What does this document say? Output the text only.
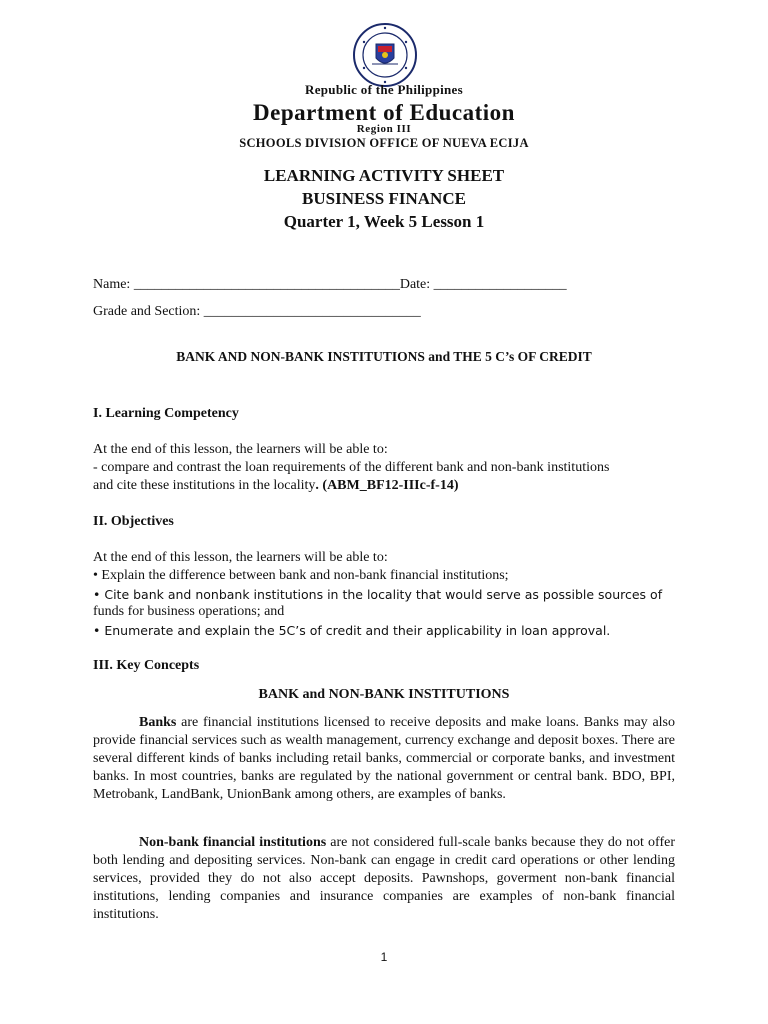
Republic of the Philippines
Department of Education
Region III
SCHOOLS DIVISION OFFICE OF NUEVA ECIJA
LEARNING ACTIVITY SHEET
BUSINESS FINANCE
Quarter 1, Week 5 Lesson 1
Name: ______________________________________Date: ___________________
Grade and Section: _______________________________
BANK AND NON-BANK INSTITUTIONS and THE 5 C’s OF CREDIT
I. Learning Competency
At the end of this lesson, the learners will be able to:
- compare and contrast the loan requirements of the different bank and non-bank institutions
and cite these institutions in the locality. (ABM_BF12-IIIc-f-14)
II. Objectives
At the end of this lesson, the learners will be able to:
• Explain the difference between bank and non-bank financial institutions;
• Cite bank and nonbank institutions in the locality that would serve as possible sources of
funds for business operations; and
• Enumerate and explain the 5C’s of credit and their applicability in loan approval.
III. Key Concepts
BANK and NON-BANK INSTITUTIONS
Banks are financial institutions licensed to receive deposits and make loans. Banks may also provide financial services such as wealth management, currency exchange and deposit boxes. There are several different kinds of banks including retail banks, commercial or corporate banks, and investment banks. In most countries, banks are regulated by the national government or central bank. BDO, BPI, Metrobank, LandBank, UnionBank among others, are examples of banks.
Non-bank financial institutions are not considered full-scale banks because they do not offer both lending and depositing services. Non-bank can engage in credit card operations or other lending services, provided they do not also accept deposits. Pawnshops, goverment non-bank financial institutions, lending companies and insurance companies are examples of non-bank financial institutions.
1
